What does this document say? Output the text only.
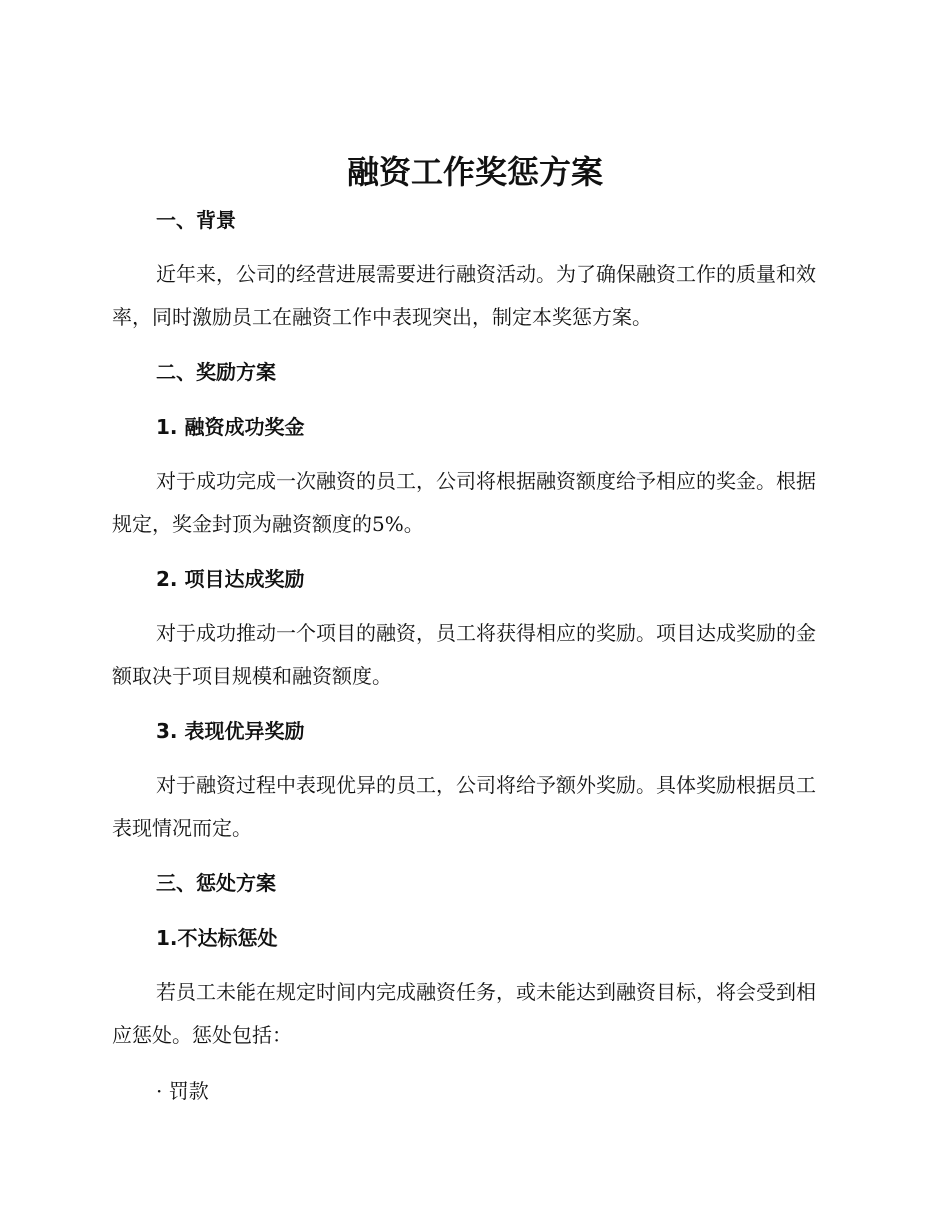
融资工作奖惩方案
一、背景

近年来，公司的经营进展需要进行融资活动。为了确保融资工作的质量和效率，同时激励员工在融资工作中表现突出，制定本奖惩方案。

二、奖励方案
1. 融资成功奖金

对于成功完成一次融资的员工，公司将根据融资额度给予相应的奖金。根据规定，奖金封顶为融资额度的5%。

2. 项目达成奖励

对于成功推动一个项目的融资，员工将获得相应的奖励。项目达成奖励的金额取决于项目规模和融资额度。

3. 表现优异奖励

对于融资过程中表现优异的员工，公司将给予额外奖励。具体奖励根据员工表现情况而定。

三、惩处方案
1.不达标惩处

若员工未能在规定时间内完成融资任务，或未能达到融资目标，将会受到相应惩处。惩处包括：

· 罚款
